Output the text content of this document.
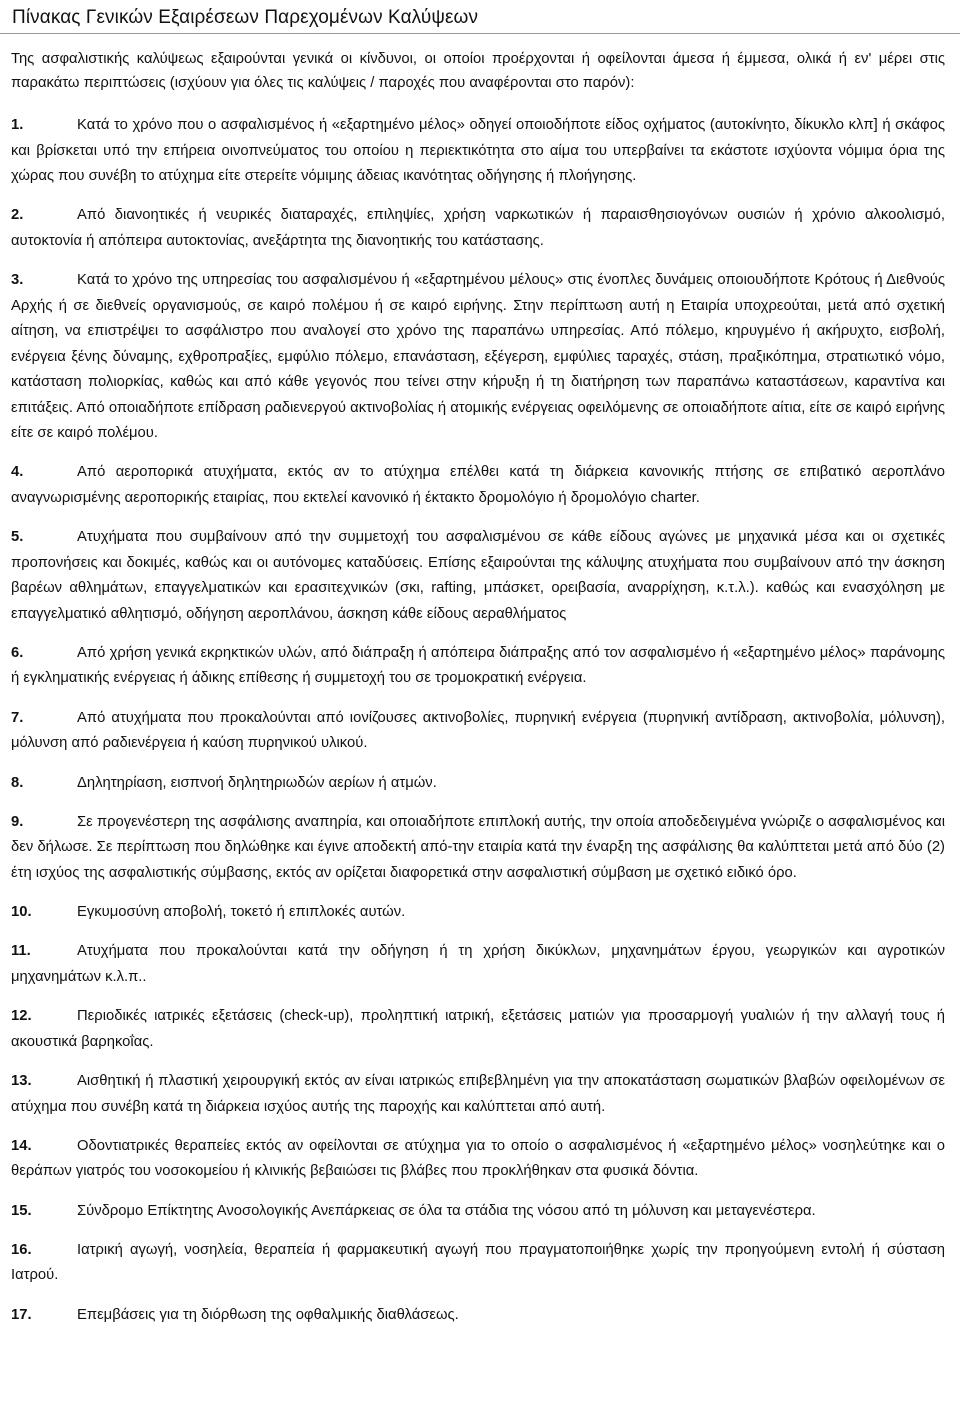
Πίνακας Γενικών Εξαιρέσεων Παρεχομένων Καλύψεων

Της ασφαλιστικής καλύψεως εξαιρούνται γενικά οι κίνδυνοι, οι οποίοι προέρχονται ή οφείλονται άμεσα ή έμμεσα, ολικά ή εν' μέρει στις παρακάτω περιπτώσεις (ισχύουν για όλες τις καλύψεις / παροχές που αναφέρονται στο παρόν):

1.	Κατά το χρόνο που ο ασφαλισμένος ή «εξαρτημένο μέλος» οδηγεί οποιοδήποτε είδος οχήματος (αυτοκίνητο, δίκυκλο κλπ] ή σκάφος και βρίσκεται υπό την επήρεια οινοπνεύματος του οποίου η περιεκτικότητα στο αίμα του υπερβαίνει τα εκάστοτε ισχύοντα νόμιμα όρια της χώρας που συνέβη το ατύχημα είτε στερείτε νόμιμης άδειας ικανότητας οδήγησης ή πλοήγησης.
2.	Από διανοητικές ή νευρικές διαταραχές, επιληψίες, χρήση ναρκωτικών ή παραισθησιογόνων ουσιών ή χρόνιο αλκοολισμό, αυτοκτονία ή απόπειρα αυτοκτονίας, ανεξάρτητα της διανοητικής του κατάστασης.
3.	Κατά το χρόνο της υπηρεσίας του ασφαλισμένου ή «εξαρτημένου μέλους» στις ένοπλες δυνάμεις οποιουδήποτε Κρότους ή Διεθνούς Αρχής ή σε διεθνείς οργανισμούς, σε καιρό πολέμου ή σε καιρό ειρήνης. Στην περίπτωση αυτή η Εταιρία υποχρεούται, μετά από σχετική αίτηση, να επιστρέψει το ασφάλιστρο που αναλογεί στο χρόνο της παραπάνω υπηρεσίας. Από πόλεμο, κηρυγμένο ή ακήρυχτο, εισβολή, ενέργεια ξένης δύναμης, εχθροπραξίες, εμφύλιο πόλεμο, επανάσταση, εξέγερση, εμφύλιες ταραχές, στάση, πραξικόπημα, στρατιωτικό νόμο, κατάσταση πολιορκίας, καθώς και από κάθε γεγονός που τείνει στην κήρυξη ή τη διατήρηση των παραπάνω καταστάσεων, καραντίνα και επιτάξεις. Από οποιαδήποτε επίδραση ραδιενεργού ακτινοβολίας ή ατομικής ενέργειας οφειλόμενης σε οποιαδήποτε αίτια, είτε σε καιρό ειρήνης είτε σε καιρό πολέμου.
4.	Από αεροπορικά ατυχήματα, εκτός αν το ατύχημα επέλθει κατά τη διάρκεια κανονικής πτήσης σε επιβατικό αεροπλάνο αναγνωρισμένης αεροπορικής εταιρίας, που εκτελεί κανονικό ή έκτακτο δρομολόγιο ή δρομολόγιο charter.
5.	Ατυχήματα που συμβαίνουν από την συμμετοχή του ασφαλισμένου σε κάθε είδους αγώνες με μηχανικά μέσα και οι σχετικές προπονήσεις και δοκιμές, καθώς και οι αυτόνομες καταδύσεις. Επίσης εξαιρούνται της κάλυψης ατυχήματα που συμβαίνουν από την άσκηση βαρέων αθλημάτων, επαγγελματικών και ερασιτεχνικών (σκι, rafting, μπάσκετ, ορειβασία, αναρρίχηση, κ.τ.λ.). καθώς και ενασχόληση με επαγγελματικό αθλητισμό, οδήγηση αεροπλάνου, άσκηση κάθε είδους αεραθλήματος
6.	Από χρήση γενικά εκρηκτικών υλών, από διάπραξη ή απόπειρα διάπραξης από τον ασφαλισμένο ή «εξαρτημένο μέλος» παράνομης ή εγκληματικής ενέργειας ή άδικης επίθεσης ή συμμετοχή του σε τρομοκρατική ενέργεια.
7.	Από ατυχήματα που προκαλούνται από ιονίζουσες ακτινοβολίες, πυρηνική ενέργεια (πυρηνική αντίδραση, ακτινοβολία, μόλυνση), μόλυνση από ραδιενέργεια ή καύση πυρηνικού υλικού.
8.	Δηλητηρίαση, εισπνοή δηλητηριωδών αερίων ή ατμών.
9.	Σε προγενέστερη της ασφάλισης αναπηρία, και οποιαδήποτε επιπλοκή αυτής, την οποία αποδεδειγμένα γνώριζε ο ασφαλισμένος και δεν δήλωσε. Σε περίπτωση που δηλώθηκε και έγινε αποδεκτή από-την εταιρία κατά την έναρξη της ασφάλισης θα καλύπτεται μετά από δύο (2) έτη ισχύος της ασφαλιστικής σύμβασης, εκτός αν ορίζεται διαφορετικά στην ασφαλιστική σύμβαση με σχετικό ειδικό όρο.
10.	Εγκυμοσύνη αποβολή, τοκετό ή επιπλοκές αυτών.
11.	Ατυχήματα που προκαλούνται κατά την οδήγηση ή τη χρήση δικύκλων, μηχανημάτων έργου, γεωργικών και αγροτικών μηχανημάτων κ.λ.π..
12.	Περιοδικές ιατρικές εξετάσεις (check-up), προληπτική ιατρική, εξετάσεις ματιών για προσαρμογή γυαλιών ή την αλλαγή τους ή ακουστικά βαρηκοΐας.
13.	Αισθητική ή πλαστική χειρουργική εκτός αν είναι ιατρικώς επιβεβλημένη για την αποκατάσταση σωματικών βλαβών οφειλομένων σε ατύχημα που συνέβη κατά τη διάρκεια ισχύος αυτής της παροχής και καλύπτεται από αυτή.
14.	Οδοντιατρικές θεραπείες εκτός αν οφείλονται σε ατύχημα για το οποίο ο ασφαλισμένος ή «εξαρτημένο μέλος» νοσηλεύτηκε και ο θεράπων γιατρός του νοσοκομείου ή κλινικής βεβαιώσει τις βλάβες που προκλήθηκαν στα φυσικά δόντια.
15.	Σύνδρομο Επίκτητης Ανοσολογικής Ανεπάρκειας σε όλα τα στάδια της νόσου από τη μόλυνση και μεταγενέστερα.
16.	Ιατρική αγωγή, νοσηλεία, θεραπεία ή φαρμακευτική αγωγή που πραγματοποιήθηκε χωρίς την προηγούμενη εντολή ή σύσταση Ιατρού.
17.	Επεμβάσεις για τη διόρθωση της οφθαλμικής διαθλάσεως.
